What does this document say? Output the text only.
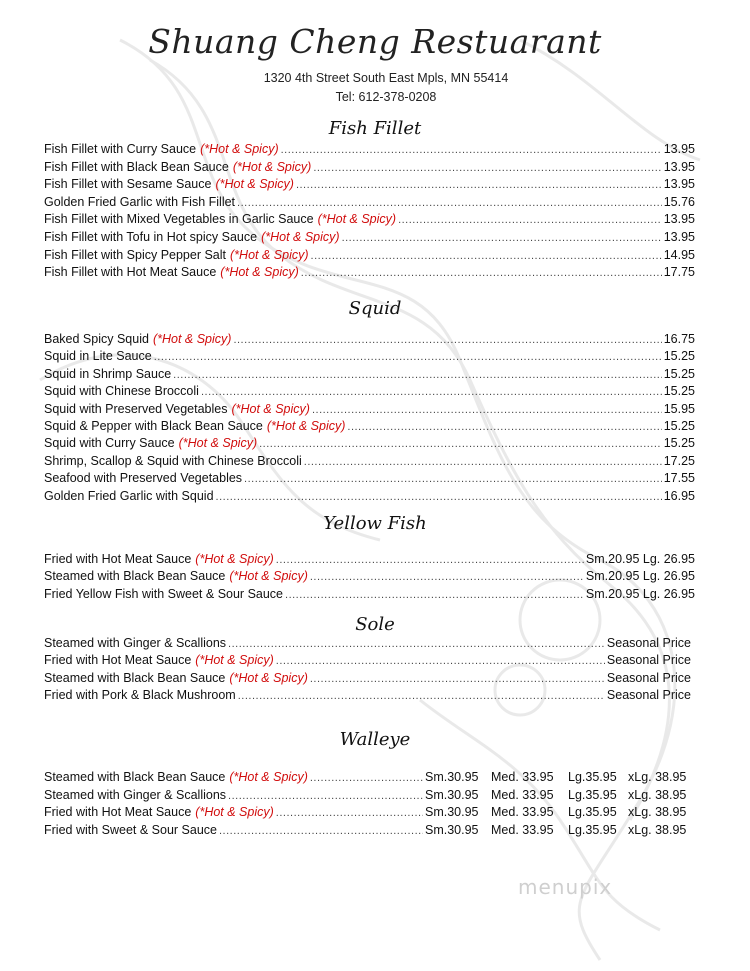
Shuang Cheng Restuarant
1320 4th Street South East Mpls, MN 55414
Tel: 612-378-0208
Fish Fillet
Fish Fillet with Curry Sauce (*Hot & Spicy) .....	13.95
Fish Fillet with Black Bean Sauce (*Hot & Spicy) .....	13.95
Fish Fillet with Sesame Sauce (*Hot & Spicy) .....	13.95
Golden Fried Garlic with Fish Fillet .....	15.76
Fish Fillet with Mixed Vegetables in Garlic Sauce (*Hot & Spicy) .....	13.95
Fish Fillet with Tofu in Hot spicy Sauce (*Hot & Spicy) .....	13.95
Fish Fillet with Spicy Pepper Salt (*Hot & Spicy) .....	14.95
Fish Fillet with Hot Meat Sauce (*Hot & Spicy) .....	17.75
Squid
Baked Spicy Squid (*Hot & Spicy) .....	16.75
Squid in Lite Sauce .....	15.25
Squid in Shrimp Sauce .....	15.25
Squid with Chinese Broccoli .....	15.25
Squid with Preserved Vegetables (*Hot & Spicy) .....	15.95
Squid & Pepper with Black Bean Sauce (*Hot & Spicy) .....	15.25
Squid with Curry Sauce (*Hot & Spicy) .....	15.25
Shrimp, Scallop & Squid with Chinese Broccoli .....	17.25
Seafood with Preserved Vegetables .....	17.55
Golden Fried Garlic with Squid .....	16.95
Yellow Fish
Fried with Hot Meat Sauce (*Hot & Spicy) .....	Sm.20.95 Lg. 26.95
Steamed with Black Bean Sauce (*Hot & Spicy) .....	Sm.20.95 Lg. 26.95
Fried Yellow Fish with Sweet & Sour Sauce .....	Sm.20.95 Lg. 26.95
Sole
Steamed with Ginger & Scallions .....	Seasonal Price
Fried with Hot Meat Sauce (*Hot & Spicy) .....	Seasonal Price
Steamed with Black Bean Sauce (*Hot & Spicy) .....	Seasonal Price
Fried with Pork & Black Mushroom .....	Seasonal Price
Walleye
Steamed with Black Bean Sauce (*Hot & Spicy) .....	Sm.30.95 Med. 33.95	Lg.35.95 xLg. 38.95
Steamed with Ginger & Scallions .....	Sm.30.95 Med. 33.95	Lg.35.95 xLg. 38.95
Fried with Hot Meat Sauce (*Hot & Spicy) .....	Sm.30.95 Med. 33.95	Lg.35.95 xLg. 38.95
Fried with Sweet & Sour Sauce .....	Sm.30.95 Med. 33.95	Lg.35.95 xLg. 38.95
menupix
